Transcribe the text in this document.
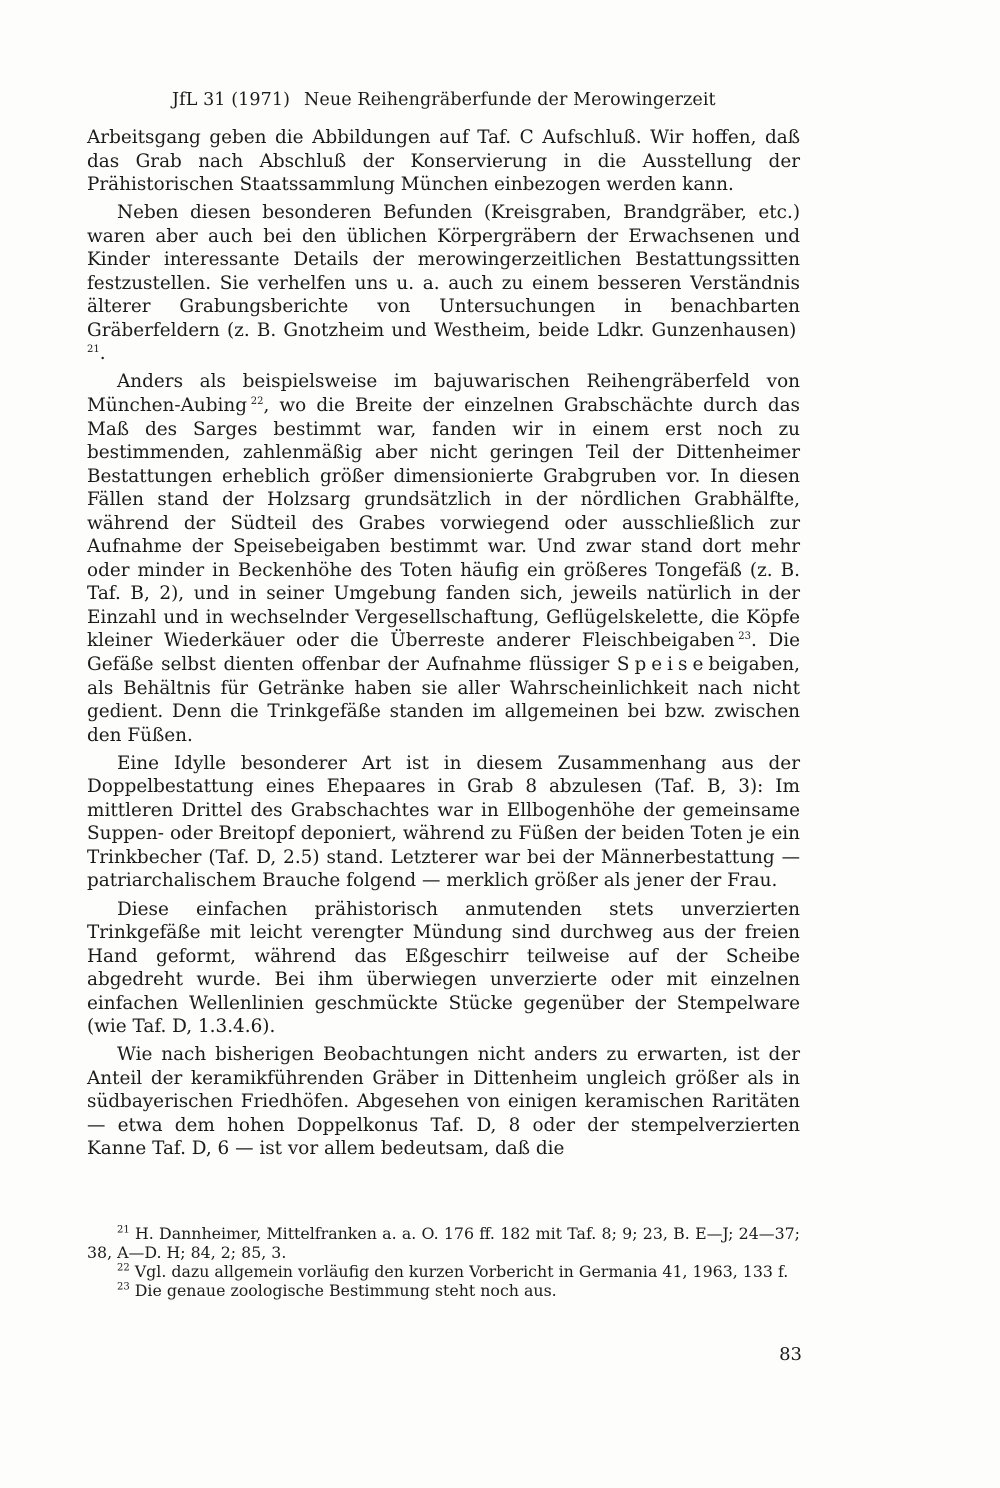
JfL 31 (1971) Neue Reihengräberfunde der Merowingerzeit

Arbeitsgang geben die Abbildungen auf Taf. C Aufschluß. Wir hoffen, daß das Grab nach Abschluß der Konservierung in die Ausstellung der Prähistorischen Staatssammlung München einbezogen werden kann.

Neben diesen besonderen Befunden (Kreisgraben, Brandgräber, etc.) waren aber auch bei den üblichen Körpergräbern der Erwachsenen und Kinder interessante Details der merowingerzeitlichen Bestattungssitten festzustellen. Sie verhelfen uns u. a. auch zu einem besseren Verständnis älterer Grabungsberichte von Untersuchungen in benachbarten Gräberfeldern (z. B. Gnotzheim und Westheim, beide Ldkr. Gunzenhausen) $^{21}$.

Anders als beispielsweise im bajuwarischen Reihengräberfeld von München-Aubing  $^{22}$, wo die Breite der einzelnen Grabschächte durch das Maß des Sarges bestimmt war, fanden wir in einem erst noch zu bestimmenden, zahlenmäßig aber nicht geringen Teil der Dittenheimer Bestattungen erheblich größer dimensionierte Grabgruben vor. In diesen Fällen stand der Holzsarg grundsätzlich in der nördlichen Grabhälfte, während der Südteil des Grabes vorwiegend oder ausschließlich zur Aufnahme der Speisebeigaben bestimmt war. Und zwar stand dort mehr oder minder in Beckenhöhe des Toten häufig ein größeres Tongefäß (z. B. Taf. B, 2), und in seiner Umgebung fanden sich, jeweils natürlich in der Einzahl und in wechselnder Vergesellschaftung, Geflügelskelette, die Köpfe kleiner Wiederkäuer oder die Überreste anderer Fleischbeigaben  $^{23}$. Die Gefäße selbst dienten offenbar der Aufnahme flüssiger Speisebeigaben, als Behältnis für Getränke haben sie aller Wahrscheinlichkeit nach nicht gedient. Denn die Trinkgefäße standen im allgemeinen bei bzw. zwischen den Füßen.

Eine Idylle besonderer Art ist in diesem Zusammenhang aus der Doppelbestattung eines Ehepaares in Grab 8 abzulesen (Taf. B, 3): Im mittleren Drittel des Grabschachtes war in Ellbogenhöhe der gemeinsame Suppen- oder Breitopf deponiert, während zu Füßen der beiden Toten je ein Trinkbecher (Taf. D, 2.5) stand. Letzterer war bei der Männerbestattung — patriarchalischem Brauche folgend — merklich größer als jener der Frau.

Diese einfachen prähistorisch anmutenden stets unverzierten Trinkgefäße mit leicht verengter Mündung sind durchweg aus der freien Hand geformt, während das Eßgeschirr teilweise auf der Scheibe abgedreht wurde. Bei ihm überwiegen unverzierte oder mit einzelnen einfachen Wellenlinien geschmückte Stücke gegenüber der Stempelware (wie Taf. D, 1.3.4.6).

Wie nach bisherigen Beobachtungen nicht anders zu erwarten, ist der Anteil der keramikführenden Gräber in Dittenheim ungleich größer als in südbayerischen Friedhöfen. Abgesehen von einigen keramischen Raritäten — etwa dem hohen Doppelkonus Taf. D, 8 oder der stempelverzierten Kanne Taf. D, 6 — ist vor allem bedeutsam, daß die

$^{21}$ H. Dannheimer, Mittelfranken a. a. O. 176 ff. 182 mit Taf. 8; 9; 23, B. E—J; 24—37; 38, A—D. H; 84, 2; 85, 3.

$^{22}$ Vgl. dazu allgemein vorläufig den kurzen Vorbericht in Germania 41, 1963, 133 f.

$^{23}$ Die genaue zoologische Bestimmung steht noch aus.

83
